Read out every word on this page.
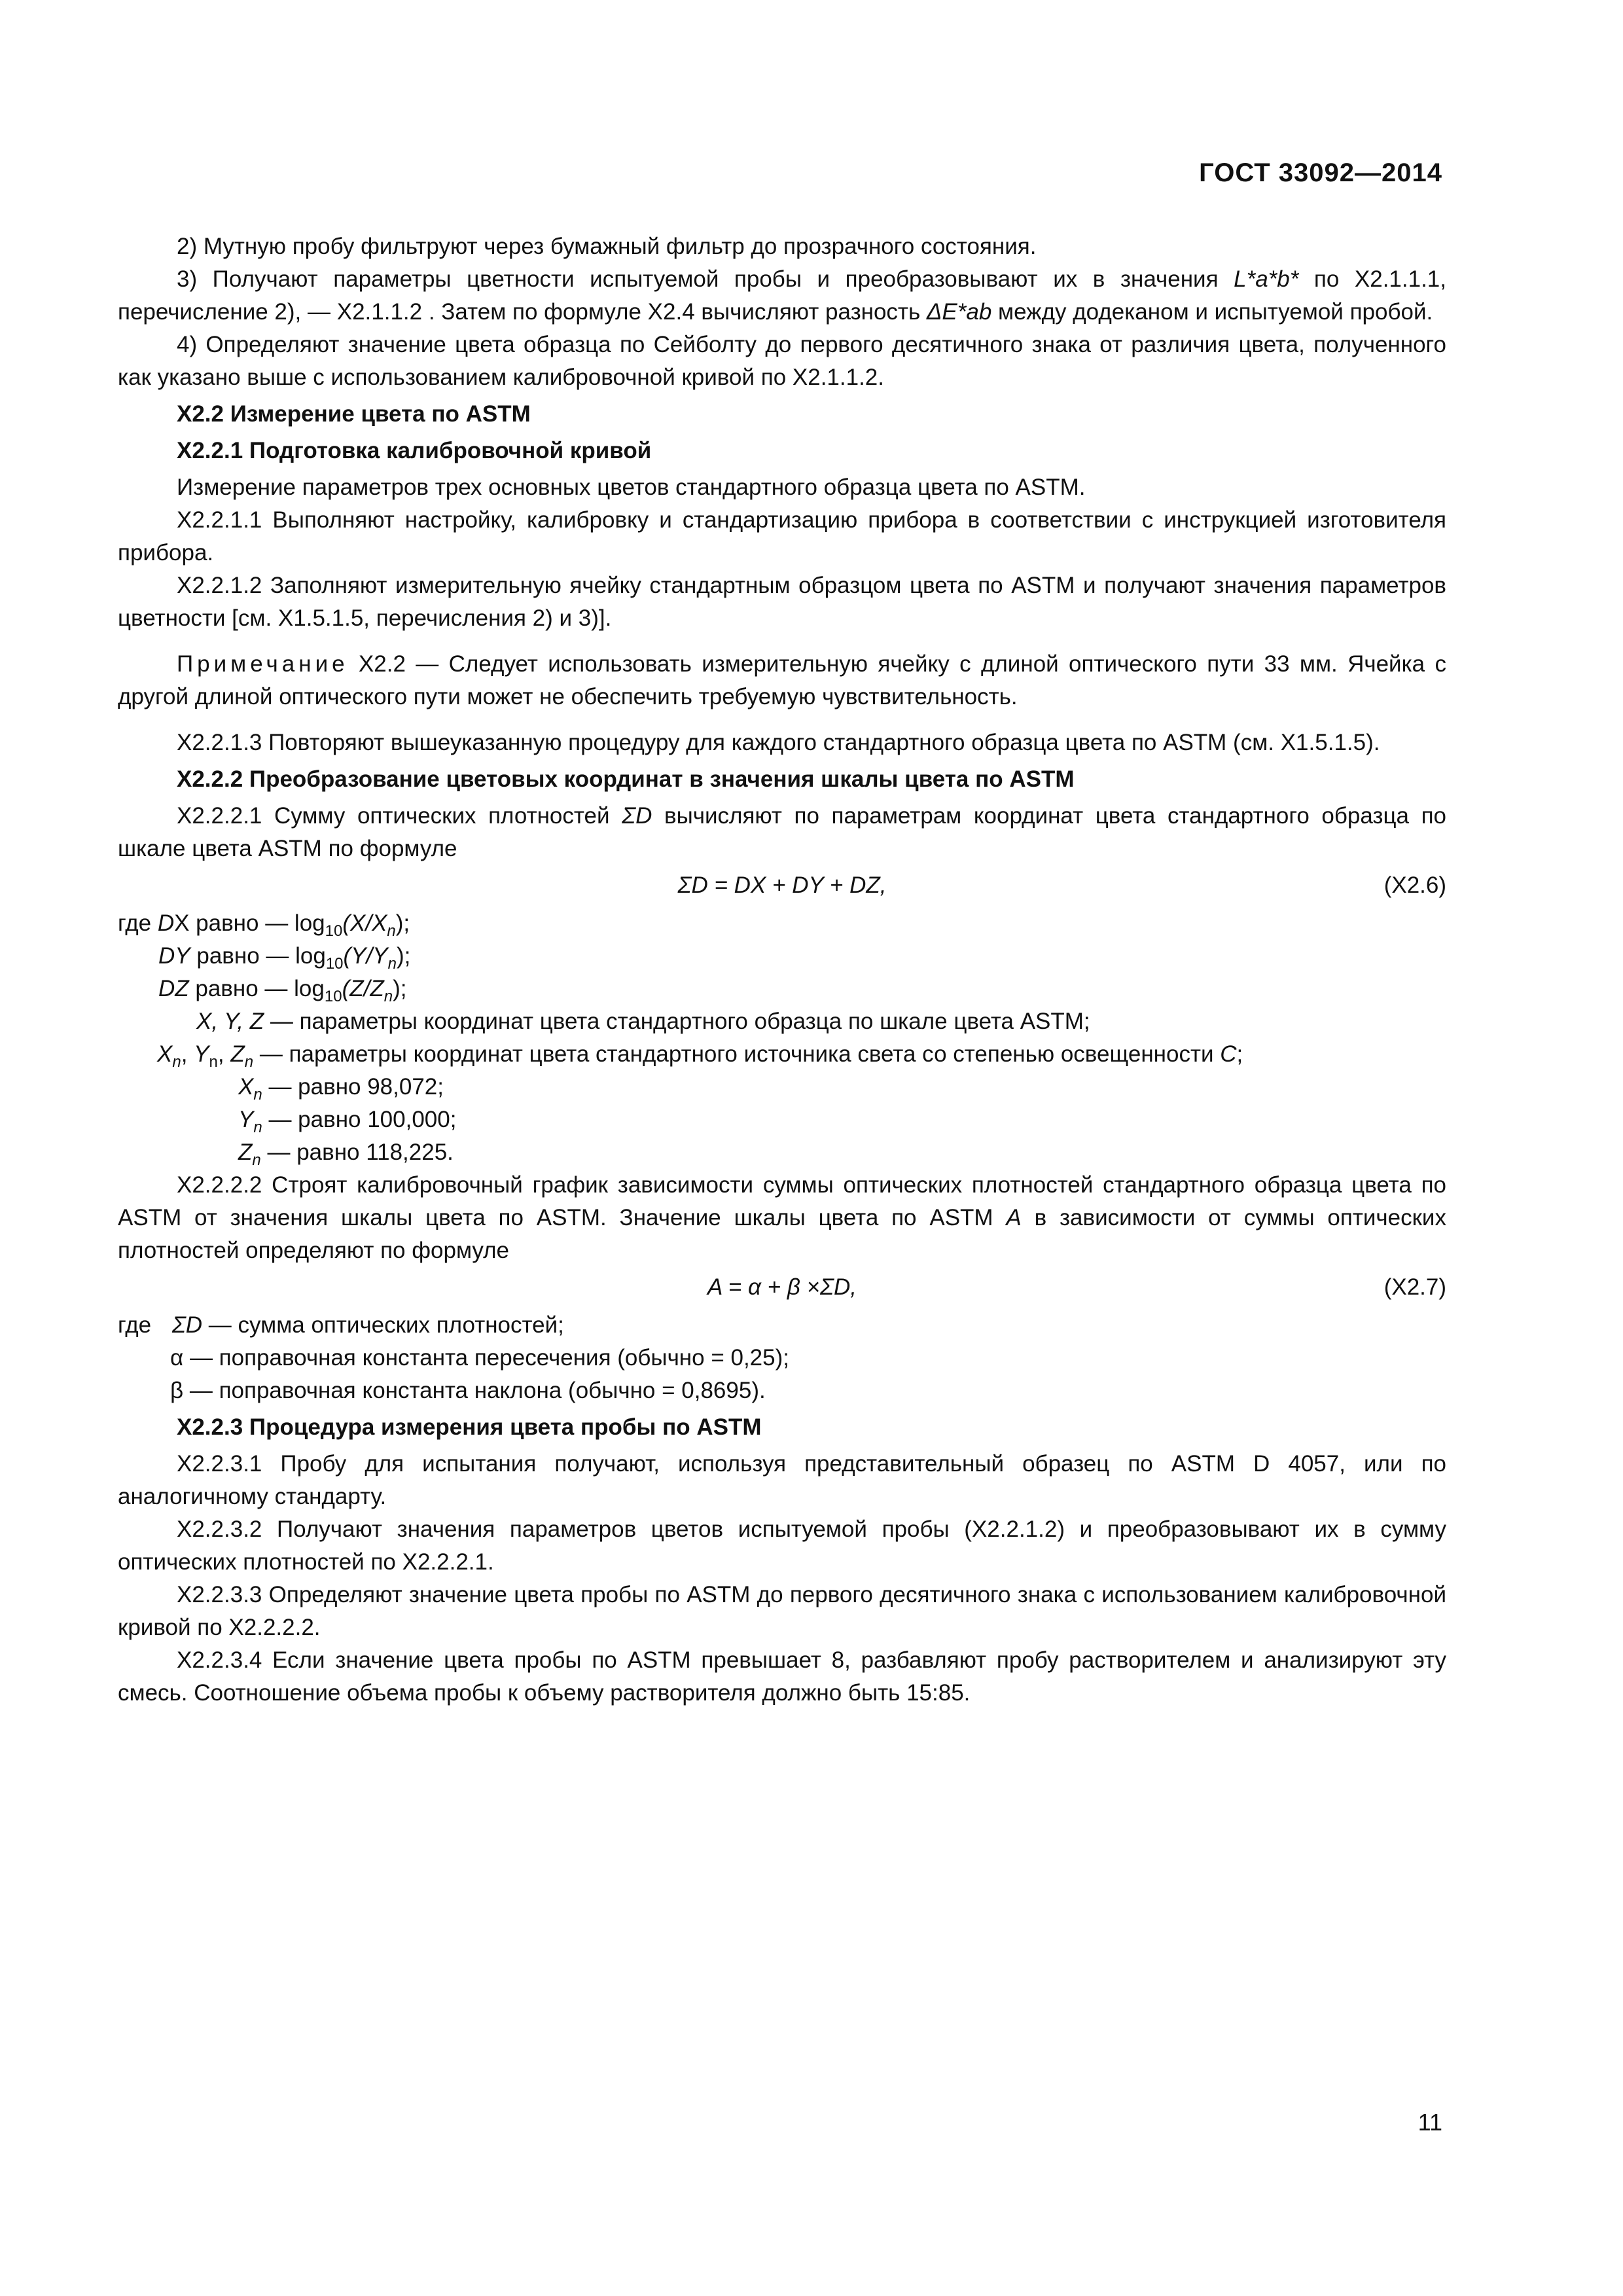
ГОСТ 33092—2014

2) Мутную пробу фильтруют через бумажный фильтр до прозрачного состояния.

3) Получают параметры цветности испытуемой пробы и преобразовывают их в значения L*a*b* по X2.1.1.1, перечисление 2), — X2.1.1.2 . Затем по формуле X2.4 вычисляют разность ΔE*ab между додеканом и испытуемой пробой.

4) Определяют значение цвета образца по Сейболту до первого десятичного знака от различия цвета, полученного как указано выше с использованием калибровочной кривой по X2.1.1.2.

X2.2 Измерение цвета по ASTM

X2.2.1 Подготовка калибровочной кривой

Измерение параметров трех основных цветов стандартного образца цвета по ASTM.

X2.2.1.1 Выполняют настройку, калибровку и стандартизацию прибора в соответствии с инструкцией изготовителя прибора.

X2.2.1.2 Заполняют измерительную ячейку стандартным образцом цвета по ASTM и получают значения параметров цветности [см. X1.5.1.5, перечисления 2) и 3)].

Примечание X2.2 — Следует использовать измерительную ячейку с длиной оптического пути 33 мм. Ячейка с другой длиной оптического пути может не обеспечить требуемую чувствительность.

X2.2.1.3 Повторяют вышеуказанную процедуру для каждого стандартного образца цвета по ASTM (см. X1.5.1.5).

X2.2.2 Преобразование цветовых координат в значения шкалы цвета по ASTM

X2.2.2.1 Сумму оптических плотностей ΣD вычисляют по параметрам координат цвета стандартного образца по шкале цвета ASTM по формуле

ΣD = DX + DY + DZ,	(X2.6)
где DX равно — $\log_{10}(X/X_n)$;
DY равно — $\log_{10}(Y/Y_n)$;
DZ равно — $\log_{10}(Z/Z_n)$;
X, Y, Z — параметры координат цвета стандартного образца по шкале цвета ASTM;
$X_n$, $Y_n$, $Z_n$ — параметры координат цвета стандартного источника света со степенью освещенности C;
$X_n$ — равно 98,072;
$Y_n$ — равно 100,000;
$Z_n$ — равно 118,225.

X2.2.2.2 Строят калибровочный график зависимости суммы оптических плотностей стандартного образца цвета по ASTM от значения шкалы цвета по ASTM. Значение шкалы цвета по ASTM A в зависимости от суммы оптических плотностей определяют по формуле

A = α + β ×ΣD,	(X2.7)
где ΣD — сумма оптических плотностей;
α — поправочная константа пересечения (обычно = 0,25);
β — поправочная константа наклона (обычно = 0,8695).

X2.2.3 Процедура измерения цвета пробы по ASTM

X2.2.3.1 Пробу для испытания получают, используя представительный образец по ASTM D 4057, или по аналогичному стандарту.

X2.2.3.2 Получают значения параметров цветов испытуемой пробы (X2.2.1.2) и преобразовывают их в сумму оптических плотностей по X2.2.2.1.

X2.2.3.3 Определяют значение цвета пробы по ASTM до первого десятичного знака с использованием калибровочной кривой по X2.2.2.2.

X2.2.3.4 Если значение цвета пробы по ASTM превышает 8, разбавляют пробу растворителем и анализируют эту смесь. Соотношение объема пробы к объему растворителя должно быть 15:85.

11
